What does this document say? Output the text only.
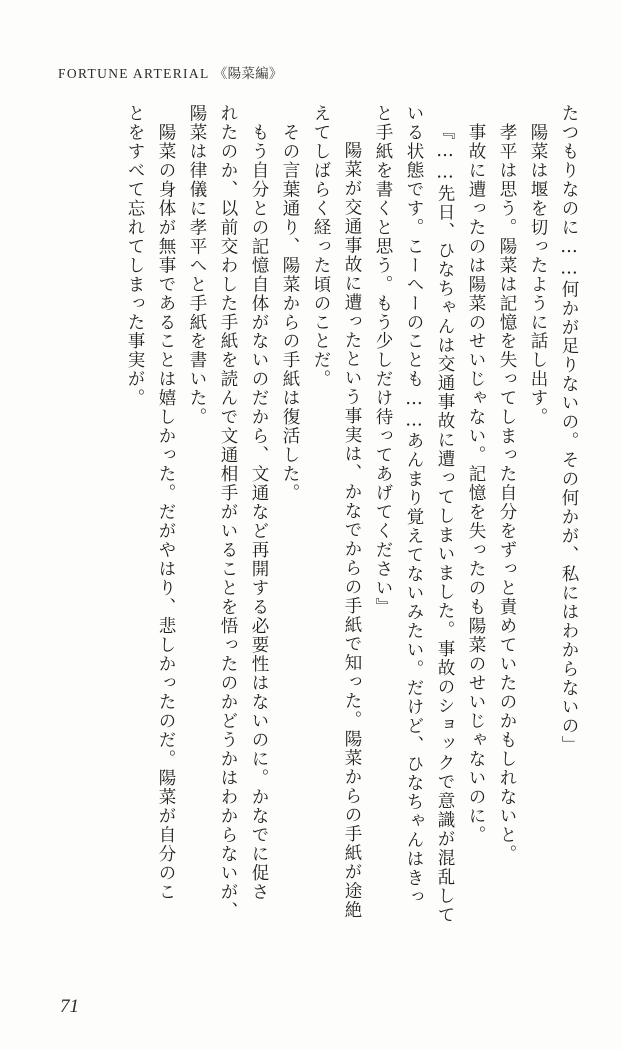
FORTUNE ARTERIAL 《陽菜編》
たつもりなのに……何かが足りないの。その何かが、私にはわからないの」
　陽菜は堰を切ったように話し出す。
　孝平は思う。陽菜は記憶を失ってしまった自分をずっと責めていたのかもしれないと。
　事故に遭ったのは陽菜のせいじゃない。記憶を失ったのも陽菜のせいじゃないのに。
『……先日、ひなちゃんは交通事故に遭ってしまいました。事故のショックで意識が混乱して
いる状態です。こーへーのことも……あんまり覚えてないみたい。だけど、ひなちゃんはきっ
と手紙を書くと思う。もう少しだけ待ってあげてください』
　陽菜が交通事故に遭ったという事実は、かなでからの手紙で知った。陽菜からの手紙が途絶
えてしばらく経った頃のことだ。
　その言葉通り、陽菜からの手紙は復活した。
　もう自分との記憶自体がないのだから、文通など再開する必要性はないのに。かなでに促さ
れたのか、以前交わした手紙を読んで文通相手がいることを悟ったのかどうかはわからないが、
陽菜は律儀に孝平へと手紙を書いた。
　陽菜の身体が無事であることは嬉しかった。だがやはり、悲しかったのだ。陽菜が自分のこ
とをすべて忘れてしまった事実が。
71
